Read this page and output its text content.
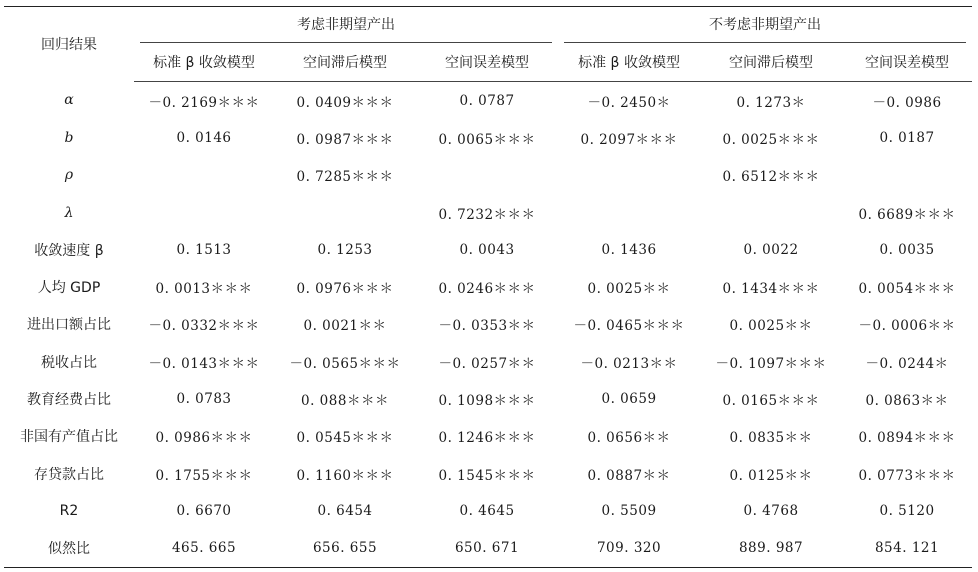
回归结果	考虑非期望产出			不考虑非期望产出		

	标准 β 收敛模型	空间滞后模型	空间误差模型	标准 β 收敛模型	空间滞后模型	空间误差模型
α	－0. 2169＊＊＊	0. 0409＊＊＊	0. 0787	－0. 2450＊	0. 1273＊	－0. 0986
b	0. 0146	0. 0987＊＊＊	0. 0065＊＊＊	0. 2097＊＊＊	0. 0025＊＊＊	0. 0187
ρ		0. 7285＊＊＊			0. 6512＊＊＊	
λ			0. 7232＊＊＊			0. 6689＊＊＊
收敛速度 β	0. 1513	0. 1253	0. 0043	0. 1436	0. 0022	0. 0035
人均 GDP	0. 0013＊＊＊	0. 0976＊＊＊	0. 0246＊＊＊	0. 0025＊＊	0. 1434＊＊＊	0. 0054＊＊＊
进出口额占比	－0. 0332＊＊＊	0. 0021＊＊	－0. 0353＊＊	－0. 0465＊＊＊	0. 0025＊＊	－0. 0006＊＊
税收占比	－0. 0143＊＊＊	－0. 0565＊＊＊	－0. 0257＊＊	－0. 0213＊＊	－0. 1097＊＊＊	－0. 0244＊
教育经费占比	0. 0783	0. 088＊＊＊	0. 1098＊＊＊	0. 0659	0. 0165＊＊＊	0. 0863＊＊
非国有产值占比	0. 0986＊＊＊	0. 0545＊＊＊	0. 1246＊＊＊	0. 0656＊＊	0. 0835＊＊	0. 0894＊＊＊
存贷款占比	0. 1755＊＊＊	0. 1160＊＊＊	0. 1545＊＊＊	0. 0887＊＊	0. 0125＊＊	0. 0773＊＊＊
R2	0. 6670	0. 6454	0. 4645	0. 5509	0. 4768	0. 5120
似然比	465. 665	656. 655	650. 671	709. 320	889. 987	854. 121
